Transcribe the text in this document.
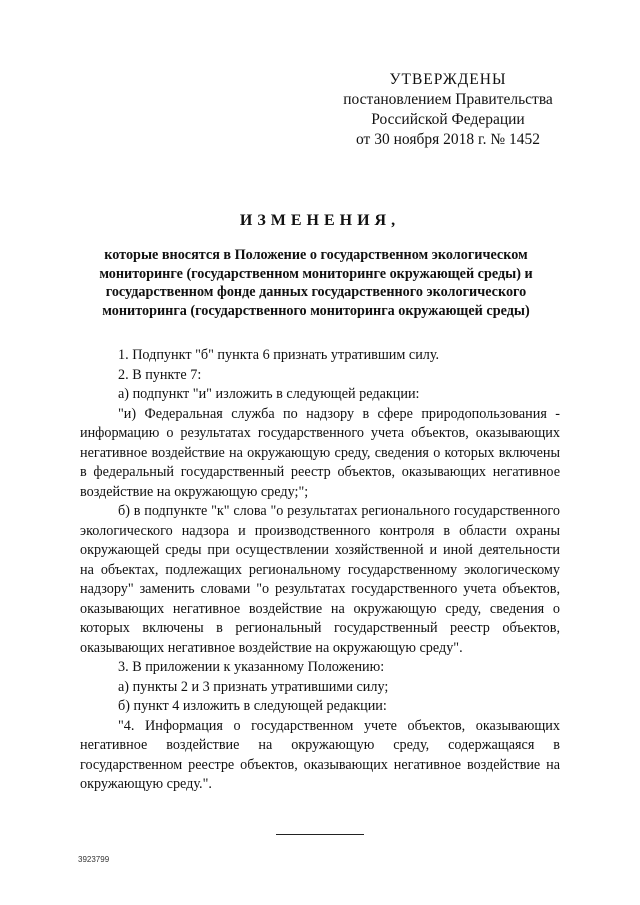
УТВЕРЖДЕНЫ
постановлением Правительства
Российской Федерации
от 30 ноября 2018 г. № 1452
ИЗМЕНЕНИЯ,
которые вносятся в Положение о государственном экологическом мониторинге (государственном мониторинге окружающей среды) и государственном фонде данных государственного экологического мониторинга (государственного мониторинга окружающей среды)

1. Подпункт "б" пункта 6 признать утратившим силу.

2. В пункте 7:

а) подпункт "и" изложить в следующей редакции:

"и) Федеральная служба по надзору в сфере природопользования - информацию о результатах государственного учета объектов, оказывающих негативное воздействие на окружающую среду, сведения о которых включены в федеральный государственный реестр объектов, оказывающих негативное воздействие на окружающую среду;";

б) в подпункте "к" слова "о результатах регионального государственного экологического надзора и производственного контроля в области охраны окружающей среды при осуществлении хозяйственной и иной деятельности на объектах, подлежащих региональному государственному экологическому надзору" заменить словами "о результатах государственного учета объектов, оказывающих негативное воздействие на окружающую среду, сведения о которых включены в региональный государственный реестр объектов, оказывающих негативное воздействие на окружающую среду".

3. В приложении к указанному Положению:

а) пункты 2 и 3 признать утратившими силу;

б) пункт 4 изложить в следующей редакции:

"4. Информация о государственном учете объектов, оказывающих негативное воздействие на окружающую среду, содержащаяся в государственном реестре объектов, оказывающих негативное воздействие на окружающую среду.".

3923799
